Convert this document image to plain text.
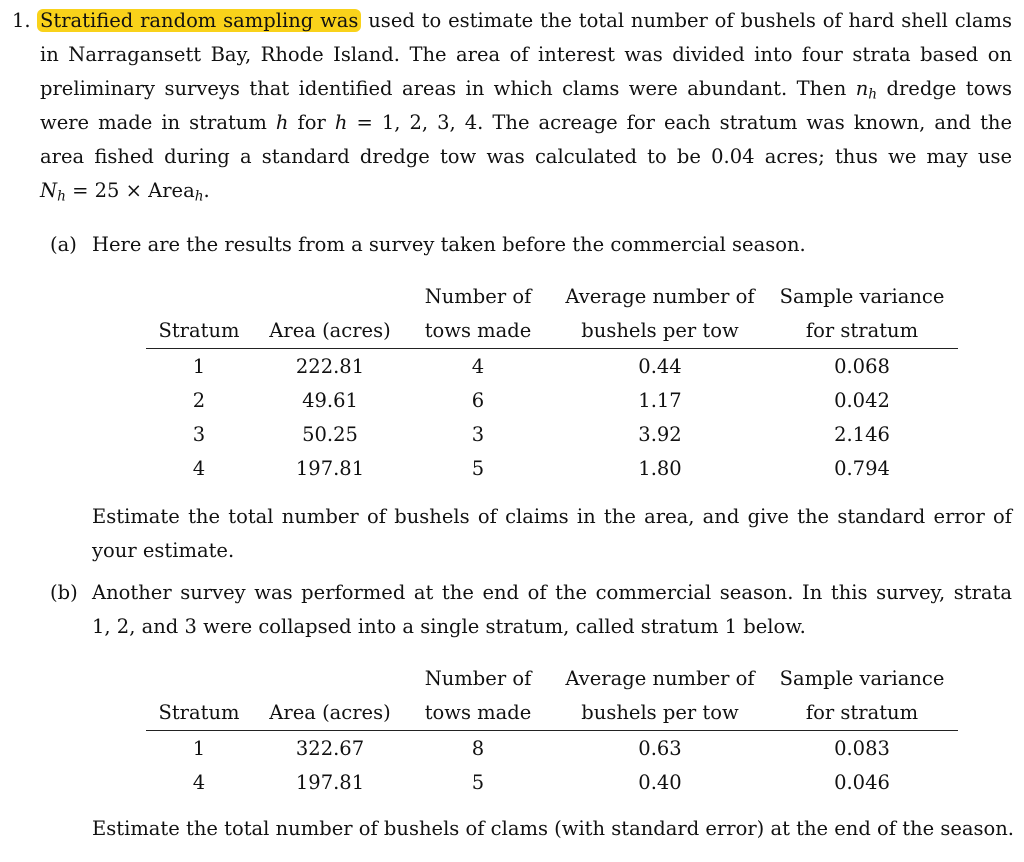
1. Stratified random sampling was used to estimate the total number of bushels of hard shell clams
in Narragansett Bay, Rhode Island. The area of interest was divided into four strata based on
preliminary surveys that identified areas in which clams were abundant. Then $n_h$ dredge tows
were made in stratum h for h = 1, 2, 3, 4. The acreage for each stratum was known, and the
area fished during a standard dredge tow was calculated to be 0.04 acres; thus we may use
$N_h = 25$ × Area$_h$.
(a) Here are the results from a survey taken before the commercial season.
Number of Average number of Sample variance
Stratum	Area (acres)	tows made	bushels per tow	for stratum
1	222.81	4	0.44	0.068
2	49.61	6	1.17	0.042
3	50.25	3	3.92	2.146
4	197.81	5	1.80	0.794
Estimate the total number of bushels of claims in the area, and give the standard error of
your estimate.
(b) Another survey was performed at the end of the commercial season. In this survey, strata
1, 2, and 3 were collapsed into a single stratum, called stratum 1 below.
Number of Average number of Sample variance
Stratum	Area (acres)	tows made	bushels per tow	for stratum
1	322.67	8	0.63	0.083
4	197.81	5	0.40	0.046
Estimate the total number of bushels of clams (with standard error) at the end of the season.
